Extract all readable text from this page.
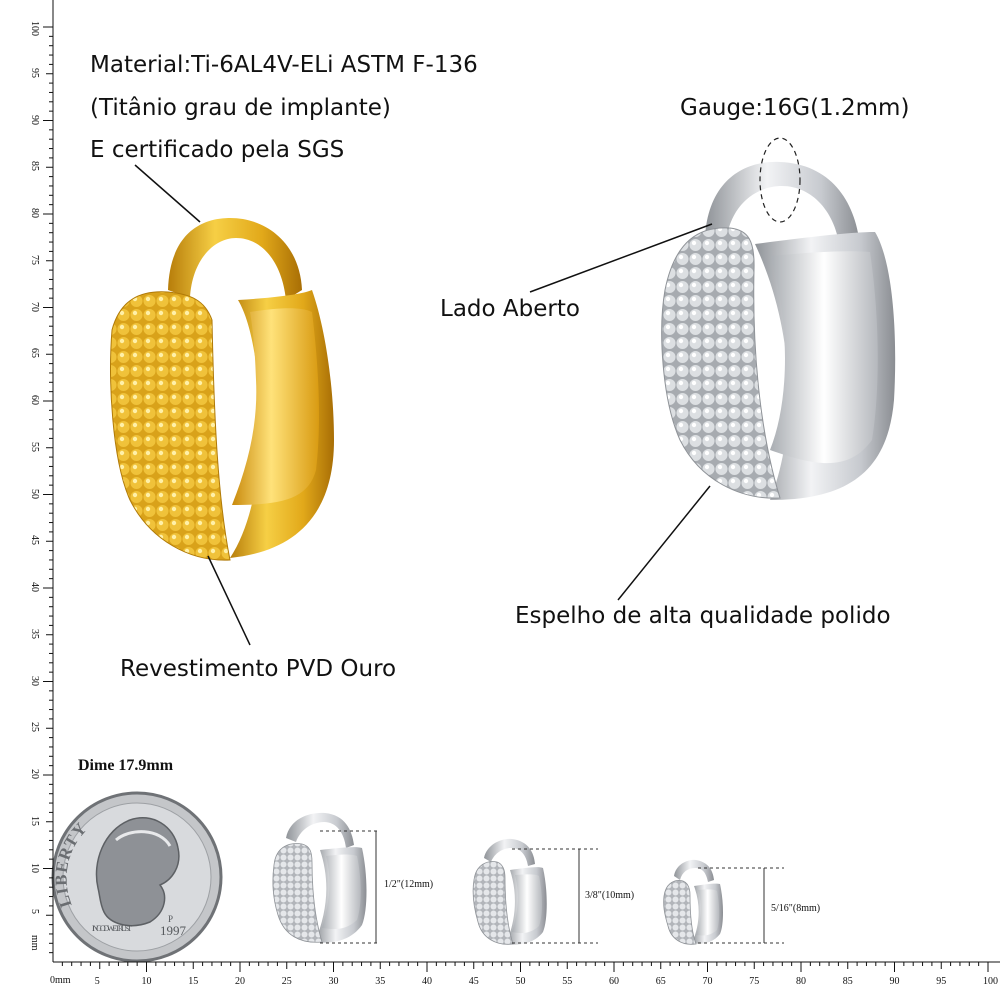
LIBERTY
IN GOD WE TRUST 1997
P
Material:Ti-6AL4V-ELi ASTM F-136
(Titânio grau de implante)
E certificado pela SGS
Gauge:16G(1.2mm)
Lado Aberto
Espelho de alta qualidade polido
Revestimento PVD Ouro
Dime 17.9mm
1/2"(12mm)
3/8"(10mm)
5/16"(8mm)
0mm
mm
5	10	15	20	25	30	35	40	45	50	55	60	65	70	75	80	85	90	95	100
5
10
15
20
25
30
35
40
45
50
55
60
65
70
75
80
85
90
95
100
